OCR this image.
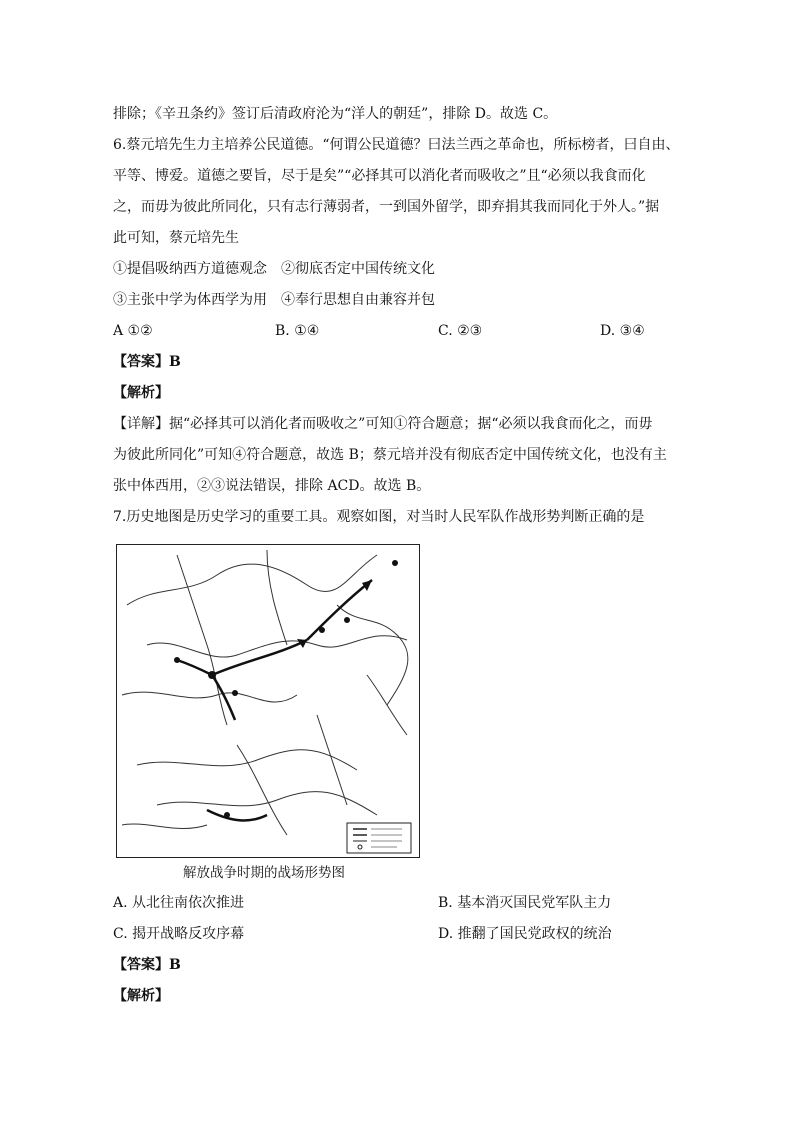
排除；《辛丑条约》签订后清政府沦为“洋人的朝廷”，排除 D。故选 C。
6.蔡元培先生力主培养公民道德。“何谓公民道德？曰法兰西之革命也，所标榜者，曰自由、
平等、博爱。道德之要旨，尽于是矣”“必择其可以消化者而吸收之”且“必须以我食而化
之，而毋为彼此所同化，只有志行薄弱者，一到国外留学，即弃捐其我而同化于外人。”据
此可知，蔡元培先生
①提倡吸纳西方道德观念　②彻底否定中国传统文化
③主张中学为体西学为用　④奉行思想自由兼容并包
A ①②	B. ①④	C. ②③	D. ③④
【答案】B
【解析】
【详解】据“必择其可以消化者而吸收之”可知①符合题意；据“必须以我食而化之，而毋
为彼此所同化”可知④符合题意，故选 B；蔡元培并没有彻底否定中国传统文化，也没有主
张中体西用，②③说法错误，排除 ACD。故选 B。
7.历史地图是历史学习的重要工具。观察如图，对当时人民军队作战形势判断正确的是
解放战争时期的战场形势图
A. 从北往南依次推进	B. 基本消灭国民党军队主力
C. 揭开战略反攻序幕	D. 推翻了国民党政权的统治
【答案】B
【解析】
